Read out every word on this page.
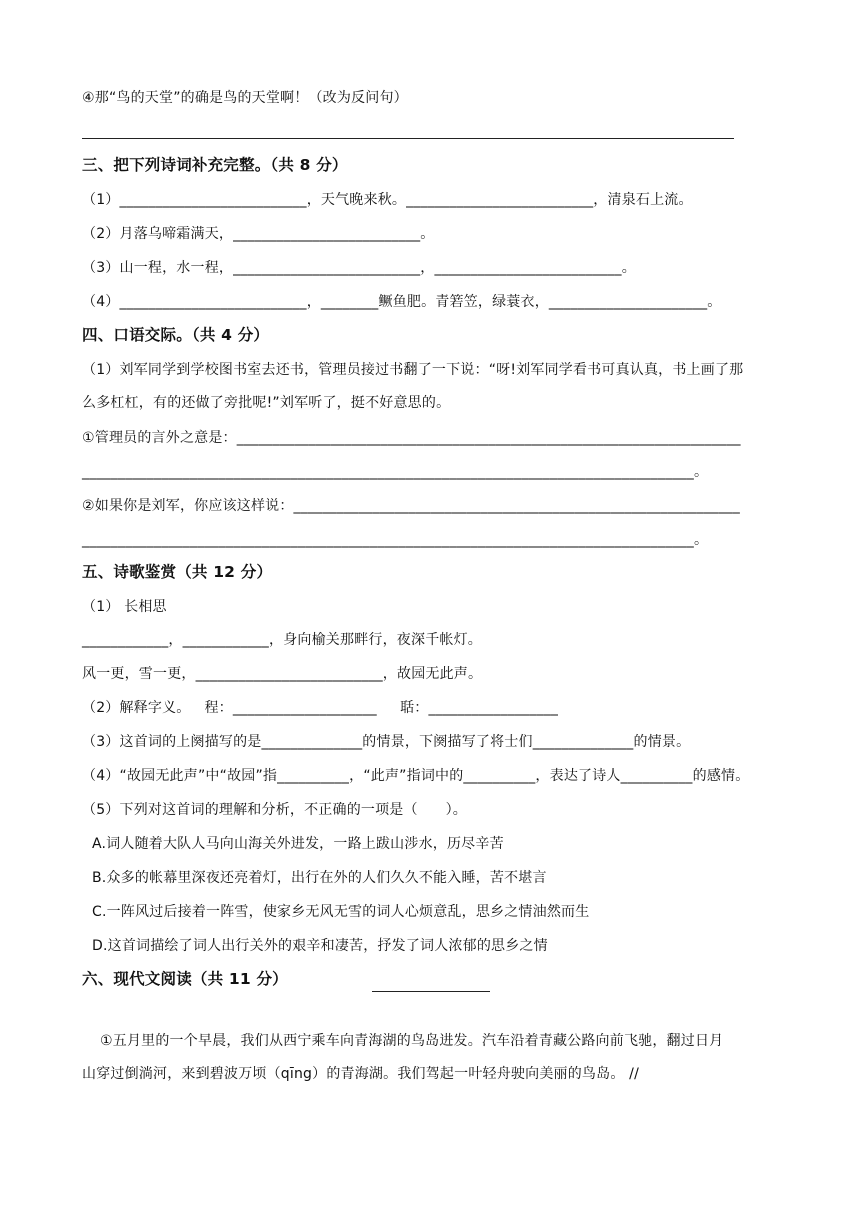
④那“鸟的天堂”的确是鸟的天堂啊！（改为反问句）
三、把下列诗词补充完整。（共 8 分）
（1）__________________________，天气晚来秋。__________________________，清泉石上流。
（2）月落乌啼霜满天，__________________________。
（3）山一程，水一程，__________________________，__________________________。
（4）__________________________，________鳜鱼肥。青箬笠，绿蓑衣，______________________。
四、口语交际。（共 4 分）
（1）刘军同学到学校图书室去还书，管理员接过书翻了一下说：“呀!刘军同学看书可真认真，书上画了那
么多杠杠，有的还做了旁批呢!”刘军听了，挺不好意思的。
①管理员的言外之意是：______________________________________________________________________
_____________________________________________________________________________________。
②如果你是刘军，你应该这样说：______________________________________________________________
_____________________________________________________________________________________。
五、诗歌鉴赏（共 12 分）
（1） 长相思
____________，____________，身向榆关那畔行，夜深千帐灯。
风一更，雪一更，__________________________，故园无此声。
（2）解释字义。   程：____________________     聒：__________________
（3）这首词的上阕描写的是______________的情景，下阕描写了将士们______________的情景。
（4）“故园无此声”中“故园”指__________，“此声”指词中的__________，表达了诗人__________的感情。
（5）下列对这首词的理解和分析，不正确的一项是（      ）。
A.词人随着大队人马向山海关外进发，一路上跋山涉水，历尽辛苦
B.众多的帐幕里深夜还亮着灯，出行在外的人们久久不能入睡，苦不堪言
C.一阵风过后接着一阵雪，使家乡无风无雪的词人心烦意乱，思乡之情油然而生
D.这首词描绘了词人出行关外的艰辛和凄苦，抒发了词人浓郁的思乡之情
六、现代文阅读（共 11 分）
①五月里的一个早晨，我们从西宁乘车向青海湖的鸟岛进发。汽车沿着青藏公路向前飞驰，翻过日月
山穿过倒淌河，来到碧波万顷（qīng）的青海湖。我们驾起一叶轻舟驶向美丽的鸟岛。 //
